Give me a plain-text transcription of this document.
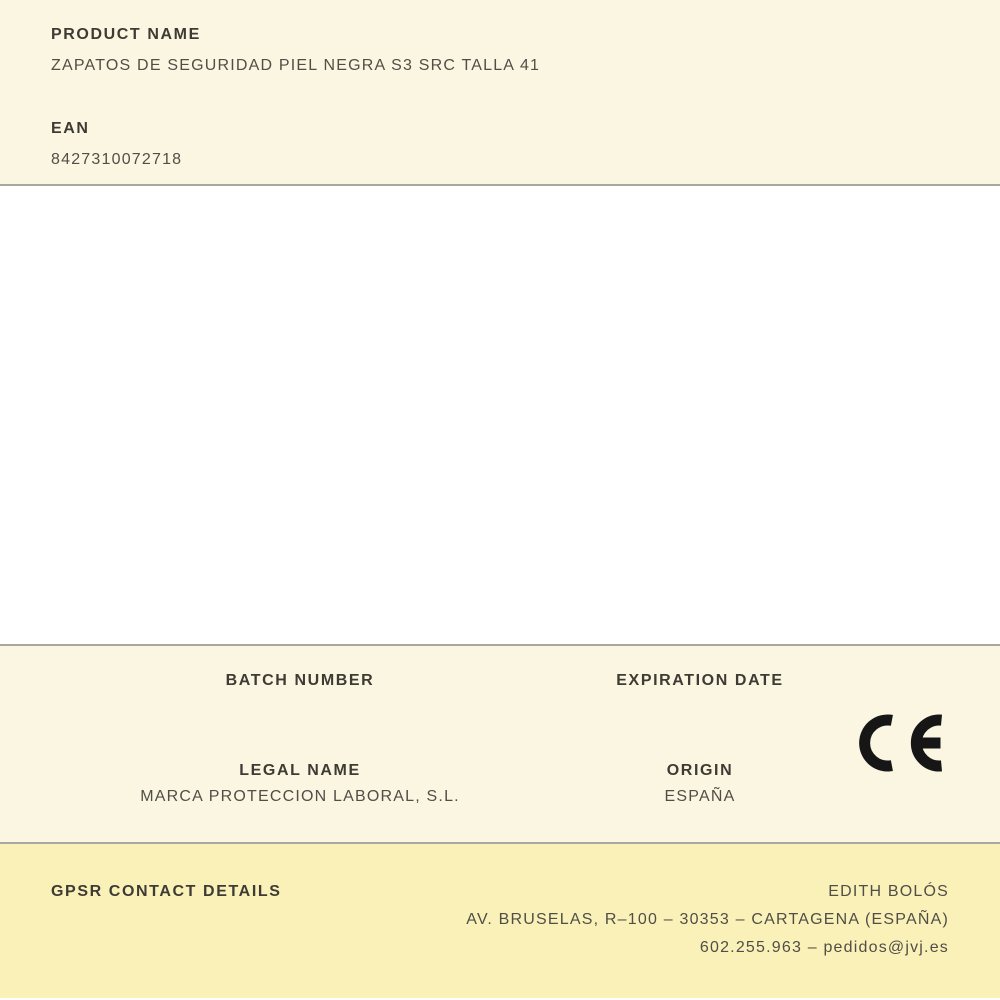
PRODUCT NAME
ZAPATOS DE SEGURIDAD PIEL NEGRA S3 SRC TALLA 41
EAN
8427310072718
BATCH NUMBER	EXPIRATION DATE
LEGAL NAME
MARCA PROTECCION LABORAL, S.L.
ORIGIN
ESPAÑA
GPSR CONTACT DETAILS	EDITH BOLÓS
AV. BRUSELAS, R–100 – 30353 – CARTAGENA (ESPAÑA)
602.255.963 – pedidos@jvj.es
